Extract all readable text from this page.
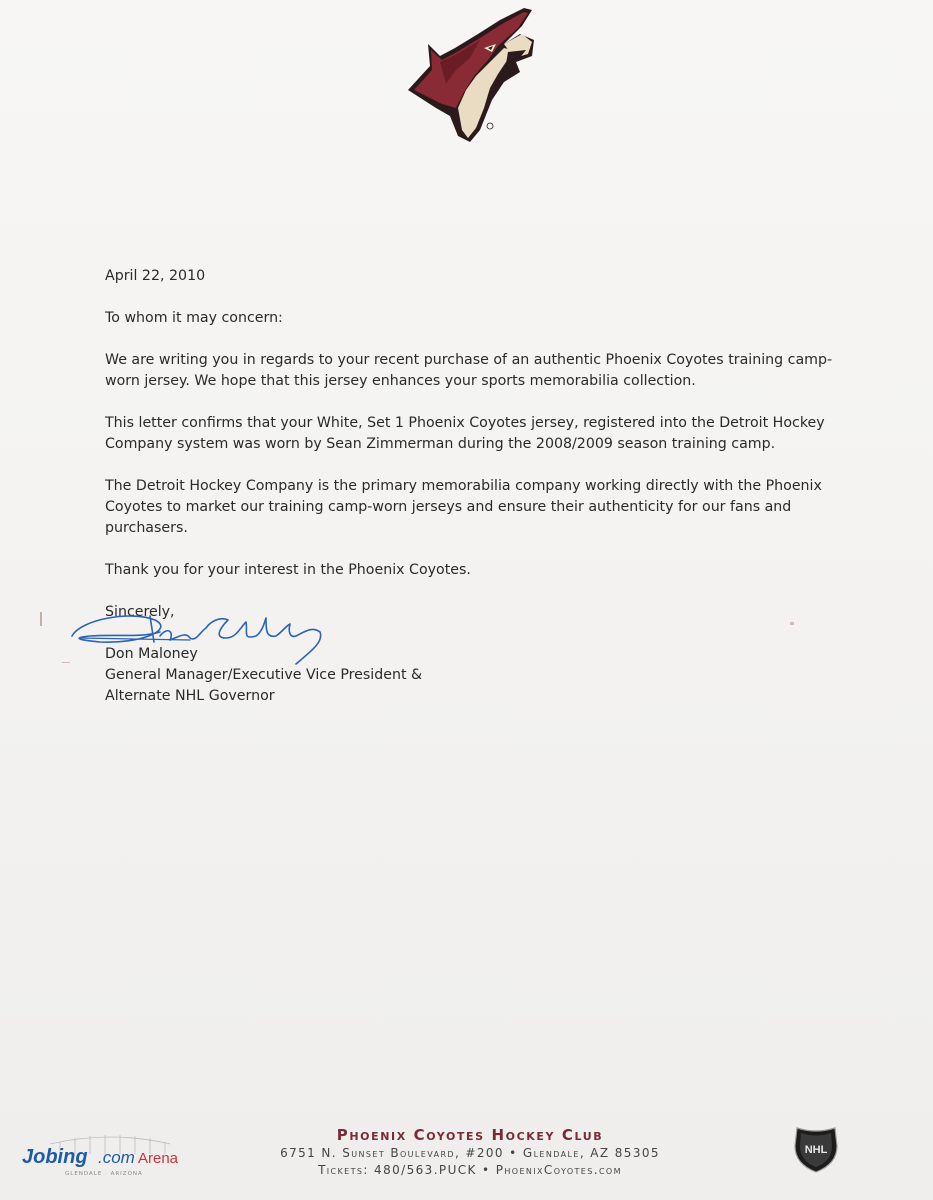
April 22, 2010

To whom it may concern:

We are writing you in regards to your recent purchase of an authentic Phoenix Coyotes training camp-
worn jersey. We hope that this jersey enhances your sports memorabilia collection.

This letter confirms that your White, Set 1 Phoenix Coyotes jersey, registered into the Detroit Hockey
Company system was worn by Sean Zimmerman during the 2008/2009 season training camp.

The Detroit Hockey Company is the primary memorabilia company working directly with the Phoenix
Coyotes to market our training camp-worn jerseys and ensure their authenticity for our fans and
purchasers.

Thank you for your interest in the Phoenix Coyotes.

Sincerely,
Don Maloney
General Manager/Executive Vice President &
Alternate NHL Governor
Jobing .com Arena
GLENDALE · ARIZONA
Phoenix Coyotes Hockey Club
6751 N. Sunset Boulevard, #200 • Glendale, AZ 85305
Tickets: 480/563.PUCK • PhoenixCoyotes.com
NHL
